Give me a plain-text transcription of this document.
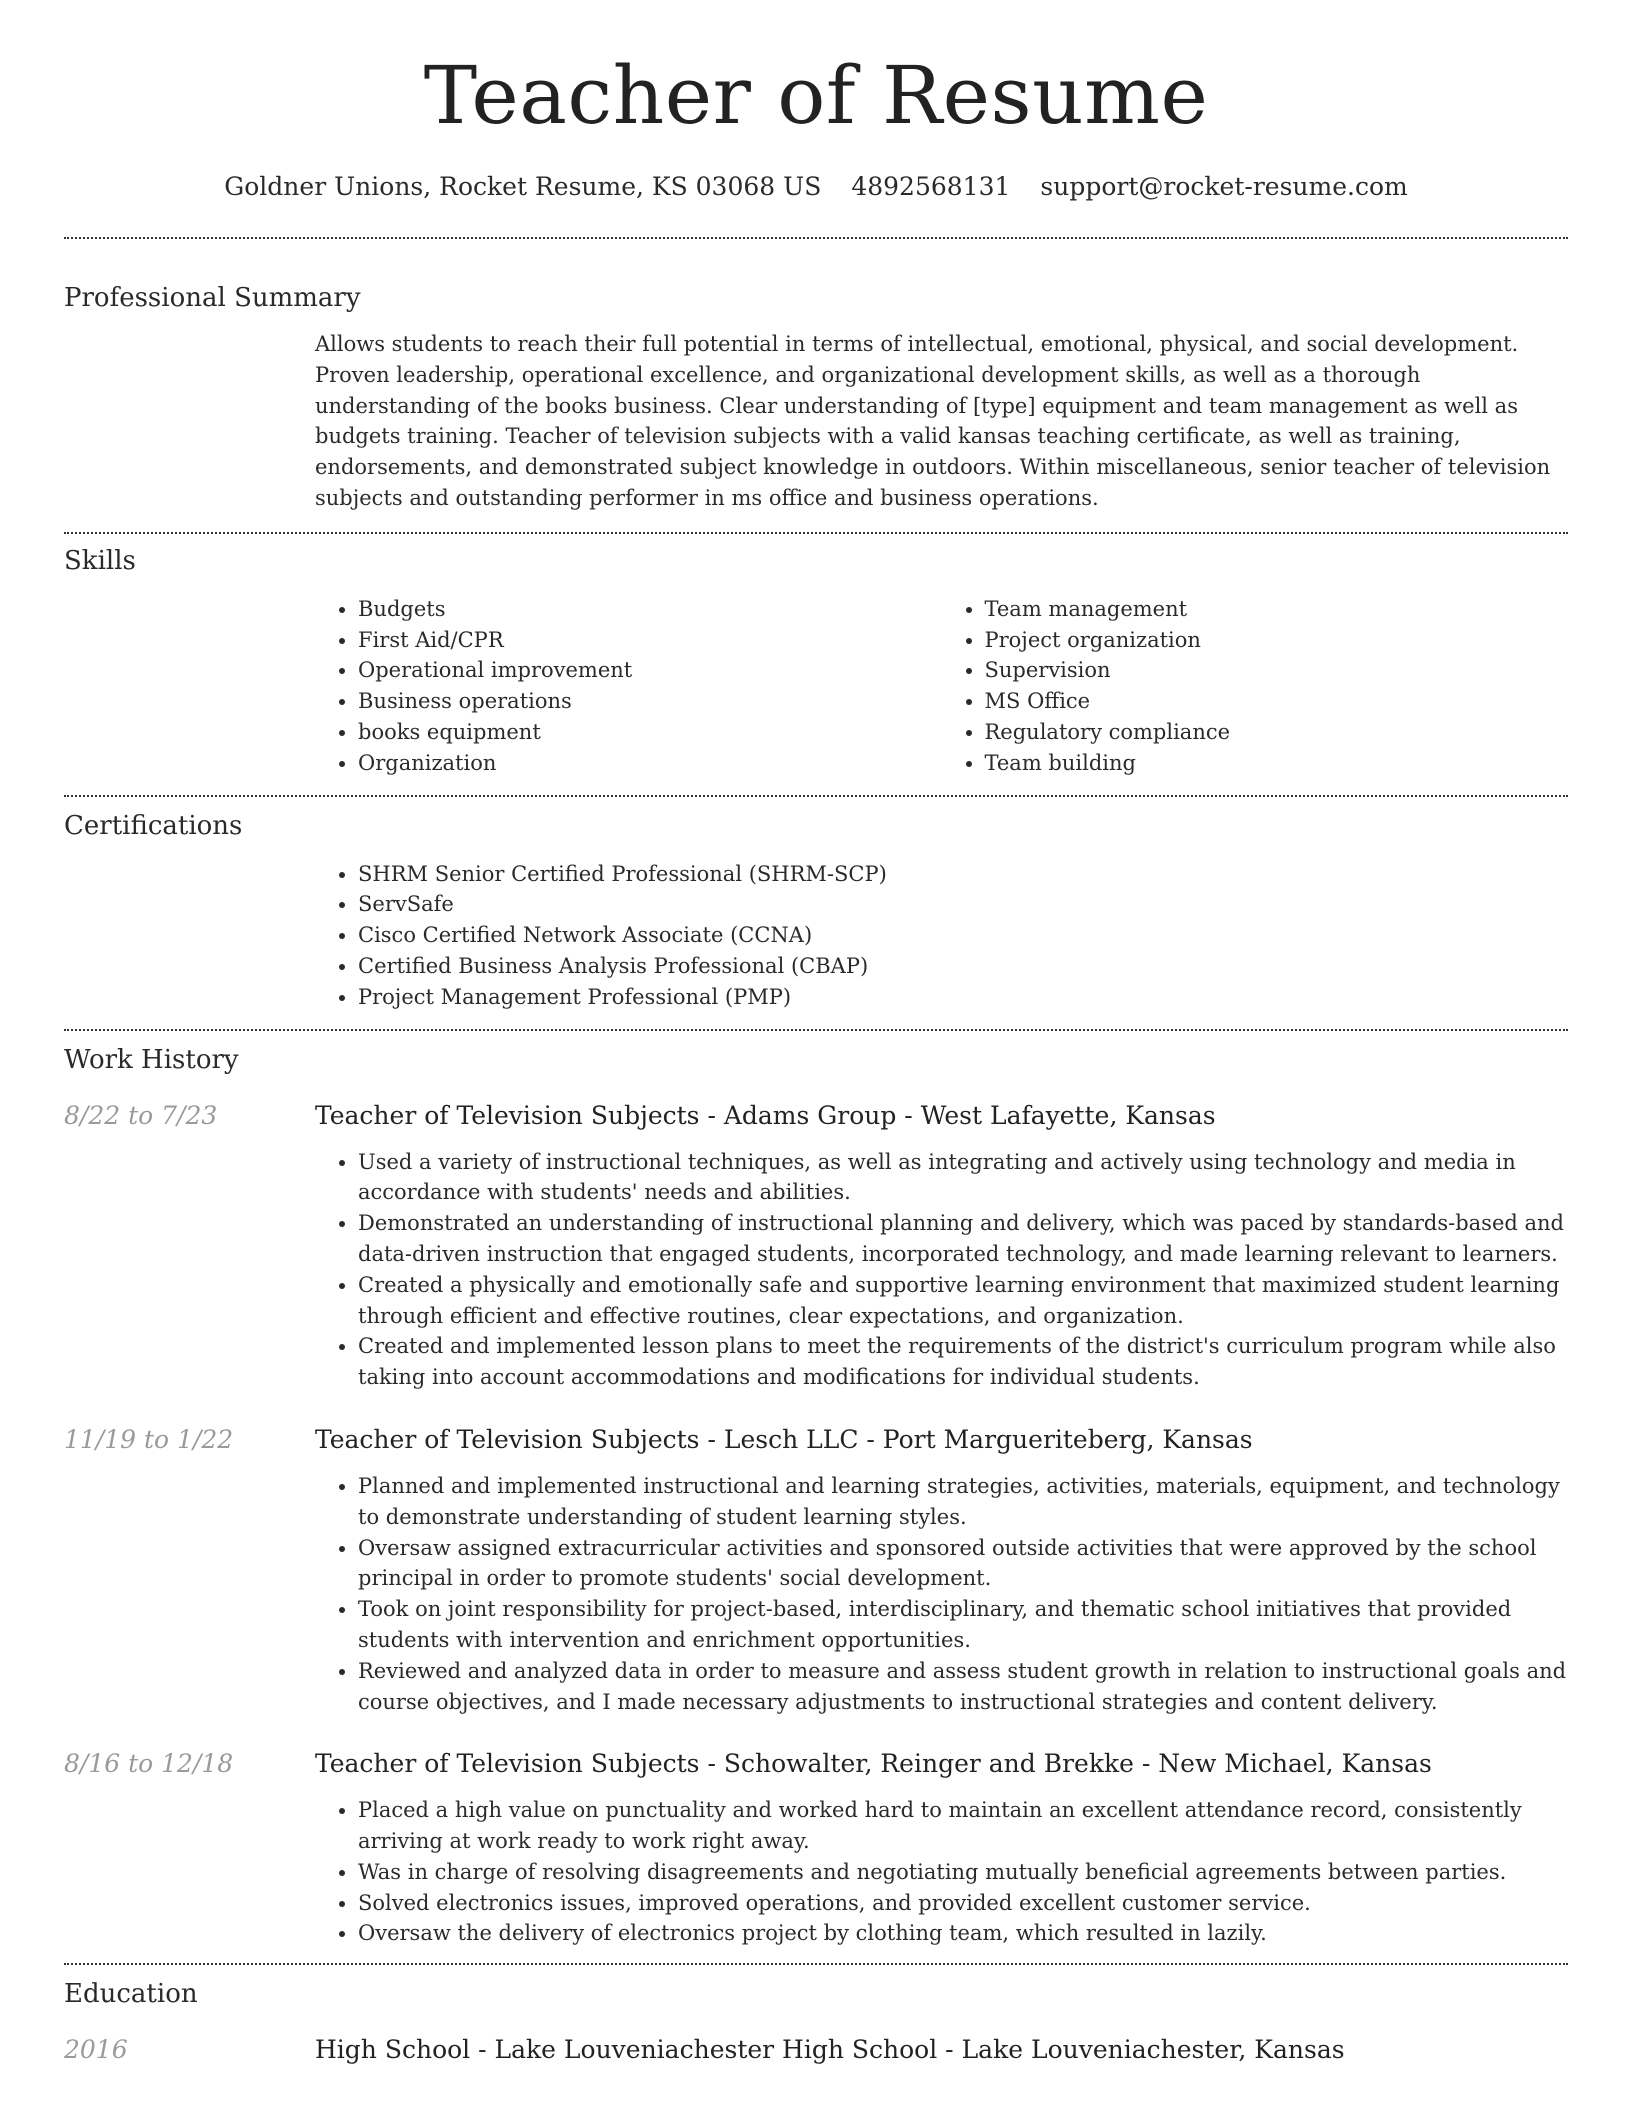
Teacher of Resume
Goldner Unions, Rocket Resume, KS 03068 US 4892568131 support@rocket-resume.com
Professional Summary
Allows students to reach their full potential in terms of intellectual, emotional, physical, and social development. Proven leadership, operational excellence, and organizational development skills, as well as a thorough understanding of the books business. Clear understanding of [type] equipment and team management as well as budgets training. Teacher of television subjects with a valid kansas teaching certificate, as well as training, endorsements, and demonstrated subject knowledge in outdoors. Within miscellaneous, senior teacher of television subjects and outstanding performer in ms office and business operations.
Skills
• Budgets
• First Aid/CPR
• Operational improvement
• Business operations
• books equipment
• Organization
• Team management
• Project organization
• Supervision
• MS Office
• Regulatory compliance
• Team building
Certifications
• SHRM Senior Certified Professional (SHRM-SCP)
• ServSafe
• Cisco Certified Network Associate (CCNA)
• Certified Business Analysis Professional (CBAP)
• Project Management Professional (PMP)
Work History
8/22 to 7/23	Teacher of Television Subjects - Adams Group - West Lafayette, Kansas
• Used a variety of instructional techniques, as well as integrating and actively using technology and media in accordance with students' needs and abilities.
• Demonstrated an understanding of instructional planning and delivery, which was paced by standards-based and data-driven instruction that engaged students, incorporated technology, and made learning relevant to learners.
• Created a physically and emotionally safe and supportive learning environment that maximized student learning through efficient and effective routines, clear expectations, and organization.
• Created and implemented lesson plans to meet the requirements of the district's curriculum program while also taking into account accommodations and modifications for individual students.
11/19 to 1/22	Teacher of Television Subjects - Lesch LLC - Port Margueriteberg, Kansas
• Planned and implemented instructional and learning strategies, activities, materials, equipment, and technology to demonstrate understanding of student learning styles.
• Oversaw assigned extracurricular activities and sponsored outside activities that were approved by the school principal in order to promote students' social development.
• Took on joint responsibility for project-based, interdisciplinary, and thematic school initiatives that provided students with intervention and enrichment opportunities.
• Reviewed and analyzed data in order to measure and assess student growth in relation to instructional goals and course objectives, and I made necessary adjustments to instructional strategies and content delivery.
8/16 to 12/18	Teacher of Television Subjects - Schowalter, Reinger and Brekke - New Michael, Kansas
• Placed a high value on punctuality and worked hard to maintain an excellent attendance record, consistently arriving at work ready to work right away.
• Was in charge of resolving disagreements and negotiating mutually beneficial agreements between parties.
• Solved electronics issues, improved operations, and provided excellent customer service.
• Oversaw the delivery of electronics project by clothing team, which resulted in lazily.
Education
2016	High School - Lake Louveniachester High School - Lake Louveniachester, Kansas
